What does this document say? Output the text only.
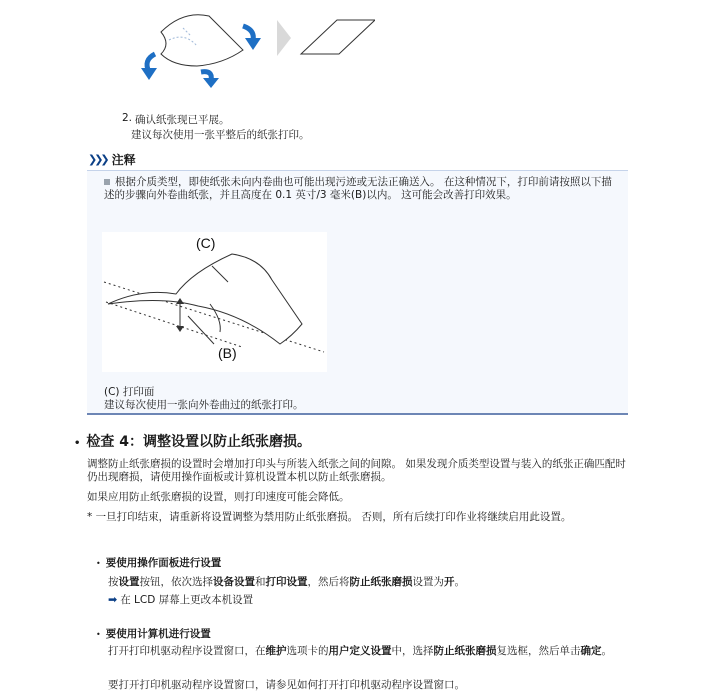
2. 确认纸张现已平展。
建议每次使用一张平整后的纸张打印。
❯❯❯ 注释
根据介质类型，即使纸张未向内卷曲也可能出现污迹或无法正确送入。 在这种情况下，打印前请按照以下描述的步骤向外卷曲纸张，并且高度在 0.1 英寸/3 毫米(B)以内。 这可能会改善打印效果。
(C)
(B)
(C) 打印面
建议每次使用一张向外卷曲过的纸张打印。
• 检查 4：调整设置以防止纸张磨损。
调整防止纸张磨损的设置时会增加打印头与所装入纸张之间的间隙。 如果发现介质类型设置与装入的纸张正确匹配时仍出现磨损，请使用操作面板或计算机设置本机以防止纸张磨损。
如果应用防止纸张磨损的设置，则打印速度可能会降低。
* 一旦打印结束，请重新将设置调整为禁用防止纸张磨损。 否则，所有后续打印作业将继续启用此设置。
• 要使用操作面板进行设置
按设置按钮，依次选择设备设置和打印设置，然后将防止纸张磨损设置为开。
➡ 在 LCD 屏幕上更改本机设置
• 要使用计算机进行设置
打开打印机驱动程序设置窗口，在维护选项卡的用户定义设置中，选择防止纸张磨损复选框，然后单击确定。
要打开打印机驱动程序设置窗口，请参见如何打开打印机驱动程序设置窗口。
